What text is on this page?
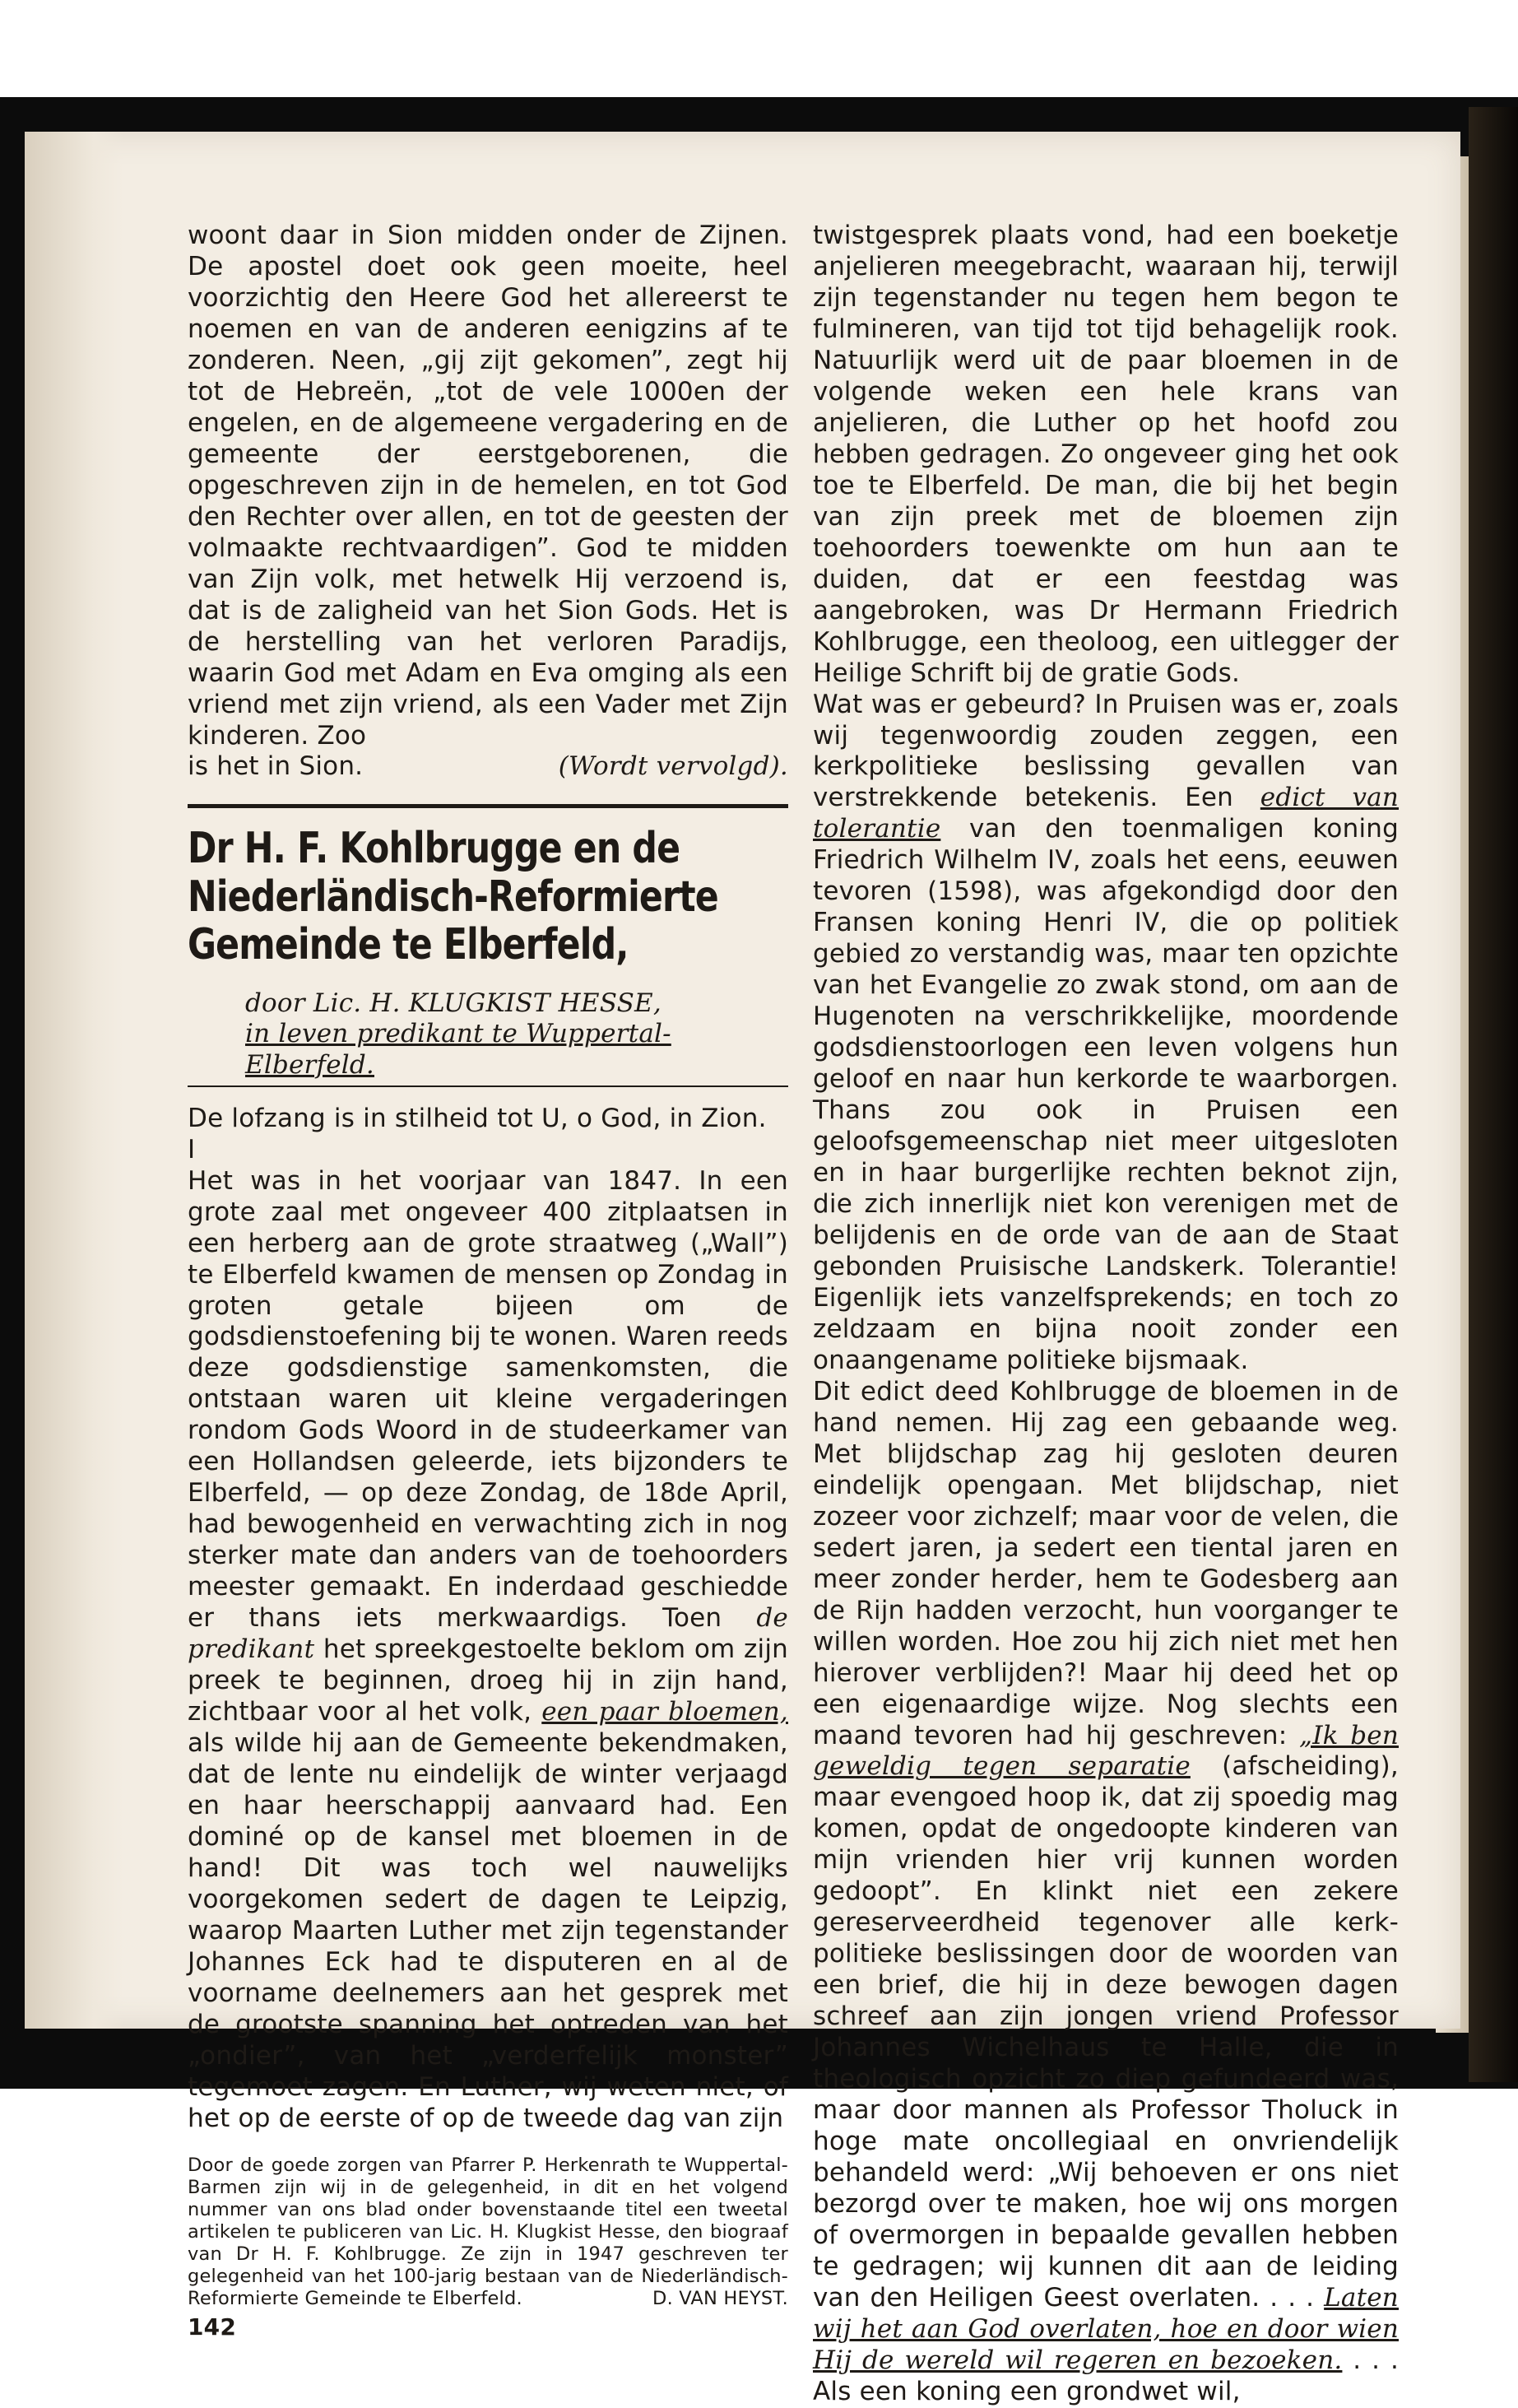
woont daar in Sion midden onder de Zijnen. De apostel doet ook geen moeite, heel voorzichtig den Heere God het allereerst te noemen en van de anderen eenigzins af te zonderen. Neen, „gij zijt gekomen”, zegt hij tot de Hebreën, „tot de vele 1000en der engelen, en de algemeene vergadering en de gemeente der eerstgeborenen, die opgeschreven zijn in de hemelen, en tot God den Rechter over allen, en tot de geesten der volmaakte rechtvaardigen”. God te midden van Zijn volk, met hetwelk Hij verzoend is, dat is de zaligheid van het Sion Gods. Het is de herstelling van het verloren Paradijs, waarin God met Adam en Eva omging als een vriend met zijn vriend, als een Vader met Zijn kinderen. Zoo

is het in Sion.	(Wordt vervolgd).
Dr H. F. Kohlbrugge en de Niederländisch-Reformierte Gemeinde te Elberfeld,
door Lic. H. KLUGKIST HESSE,
in leven predikant te Wuppertal-Elberfeld.

De lofzang is in stilheid tot U, o God, in Zion.

I

Het was in het voorjaar van 1847. In een grote zaal met ongeveer 400 zitplaatsen in een herberg aan de grote straatweg („Wall”) te Elberfeld kwamen de mensen op Zondag in groten getale bijeen om de godsdienstoefening bij te wonen. Waren reeds deze godsdienstige samenkomsten, die ontstaan waren uit kleine vergaderingen rondom Gods Woord in de studeerkamer van een Hollandsen geleerde, iets bijzonders te Elberfeld, — op deze Zondag, de 18de April, had bewogenheid en verwachting zich in nog sterker mate dan anders van de toehoorders meester gemaakt. En inderdaad geschiedde er thans iets merkwaardigs. Toen de predikant het spreekgestoelte beklom om zijn preek te beginnen, droeg hij in zijn hand, zichtbaar voor al het volk, een paar bloemen, als wilde hij aan de Gemeente bekendmaken, dat de lente nu eindelijk de winter verjaagd en haar heerschappij aanvaard had. Een dominé op de kansel met bloemen in de hand! Dit was toch wel nauwelijks voorgekomen sedert de dagen te Leipzig, waarop Maarten Luther met zijn tegenstander Johannes Eck had te disputeren en al de voorname deelnemers aan het gesprek met de grootste spanning het optreden van het „ondier”, van het „verderfelijk monster” tegemoet zagen. En Luther, wij weten niet, of het op de eerste of op de tweede dag van zijn

Door de goede zorgen van Pfarrer P. Herkenrath te Wuppertal-Barmen zijn wij in de gelegenheid, in dit en het volgend nummer van ons blad onder bovenstaande titel een tweetal artikelen te publiceren van Lic. H. Klugkist Hesse, den biograaf van Dr H. F. Kohlbrugge. Ze zijn in 1947 geschreven ter gelegenheid van het 100-jarig bestaan van de Niederländisch-Reformierte Gemeinde te Elberfeld.	D. VAN HEYST.
142

twistgesprek plaats vond, had een boeketje anjelieren meegebracht, waaraan hij, terwijl zijn tegenstander nu tegen hem begon te fulmineren, van tijd tot tijd behagelijk rook. Natuurlijk werd uit de paar bloemen in de volgende weken een hele krans van anjelieren, die Luther op het hoofd zou hebben gedragen. Zo ongeveer ging het ook toe te Elberfeld. De man, die bij het begin van zijn preek met de bloemen zijn toehoorders toewenkte om hun aan te duiden, dat er een feestdag was aangebroken, was Dr Hermann Friedrich Kohlbrugge, een theoloog, een uitlegger der Heilige Schrift bij de gratie Gods.

Wat was er gebeurd? In Pruisen was er, zoals wij tegenwoordig zouden zeggen, een kerkpolitieke beslissing gevallen van verstrekkende betekenis. Een edict van tolerantie van den toenmaligen koning Friedrich Wilhelm IV, zoals het eens, eeuwen tevoren (1598), was afgekondigd door den Fransen koning Henri IV, die op politiek gebied zo verstandig was, maar ten opzichte van het Evangelie zo zwak stond, om aan de Hugenoten na verschrikkelijke, moordende godsdienstoorlogen een leven volgens hun geloof en naar hun kerkorde te waarborgen. Thans zou ook in Pruisen een geloofsgemeenschap niet meer uitgesloten en in haar burgerlijke rechten beknot zijn, die zich innerlijk niet kon verenigen met de belijdenis en de orde van de aan de Staat gebonden Pruisische Landskerk. Tolerantie! Eigenlijk iets vanzelfsprekends; en toch zo zeldzaam en bijna nooit zonder een onaangename politieke bijsmaak.

Dit edict deed Kohlbrugge de bloemen in de hand nemen. Hij zag een gebaande weg. Met blijdschap zag hij gesloten deuren eindelijk opengaan. Met blijdschap, niet zozeer voor zichzelf; maar voor de velen, die sedert jaren, ja sedert een tiental jaren en meer zonder herder, hem te Godesberg aan de Rijn hadden verzocht, hun voorganger te willen worden. Hoe zou hij zich niet met hen hierover verblijden?! Maar hij deed het op een eigenaardige wijze. Nog slechts een maand tevoren had hij geschreven: „Ik ben geweldig tegen separatie (afscheiding), maar evengoed hoop ik, dat zij spoedig mag komen, opdat de ongedoopte kinderen van mijn vrienden hier vrij kunnen worden gedoopt”. En klinkt niet een zekere gereserveerdheid tegenover alle kerk-politieke beslissingen door de woorden van een brief, die hij in deze bewogen dagen schreef aan zijn jongen vriend Professor Johannes Wichelhaus te Halle, die in theologisch opzicht zo diep gefundeerd was, maar door mannen als Professor Tholuck in hoge mate oncollegiaal en onvriendelijk behandeld werd: „Wij behoeven er ons niet bezorgd over te maken, hoe wij ons morgen of overmorgen in bepaalde gevallen hebben te gedragen; wij kunnen dit aan de leiding van den Heiligen Geest overlaten. . . . Laten wij het aan God overlaten, hoe en door wien Hij de wereld wil regeren en bezoeken. . . . Als een koning een grondwet wil,
